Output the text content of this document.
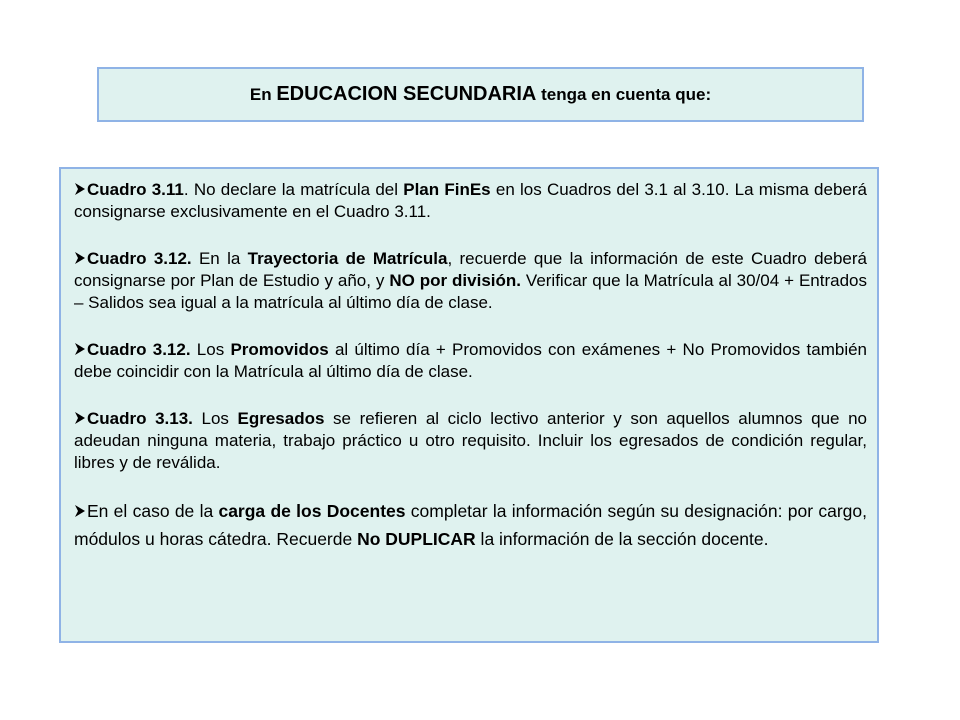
En EDUCACION SECUNDARIA tenga en cuenta que:
Cuadro 3.11. No declare la matrícula del Plan FinEs en los Cuadros del 3.1 al 3.10. La misma deberá consignarse exclusivamente en el Cuadro 3.11.
Cuadro 3.12. En la Trayectoria de Matrícula, recuerde que la información de este Cuadro deberá consignarse por Plan de Estudio y año, y NO por división. Verificar que la Matrícula al 30/04 + Entrados – Salidos sea igual a la matrícula al último día de clase.
Cuadro 3.12. Los Promovidos al último día + Promovidos con exámenes + No Promovidos también debe coincidir con la Matrícula al último día de clase.
Cuadro 3.13. Los Egresados se refieren al ciclo lectivo anterior y son aquellos alumnos que no adeudan ninguna materia, trabajo práctico u otro requisito. Incluir los egresados de condición regular, libres y de reválida.
En el caso de la carga de los Docentes completar la información según su designación: por cargo, módulos u horas cátedra. Recuerde No DUPLICAR la información de la sección docente.
